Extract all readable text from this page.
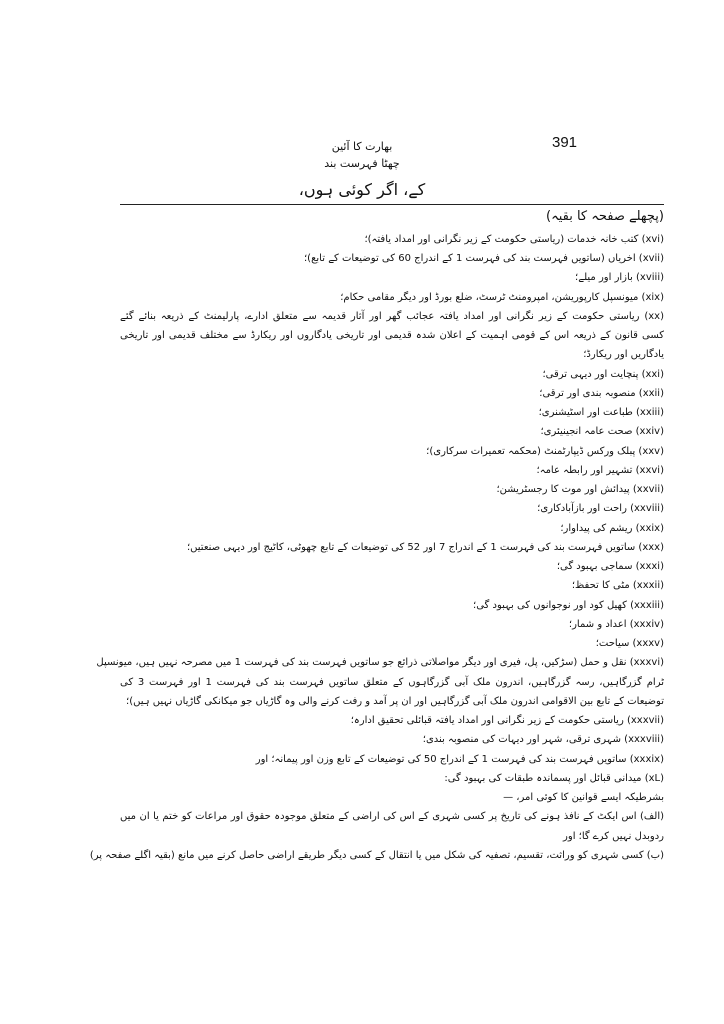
391
بھارت کا آئین
چھٹا فہرست بند
کے، اگر کوئی ہوں،
(پچھلے صفحہ کا بقیہ)
(xvi) کتب خانہ خدمات (ریاستی حکومت کے زیر نگرانی اور امداد یافتہ)؛
(xvii) اخریاں (ساتویں فہرست بند کی فہرست 1 کے اندراج 60 کی توضیعات کے تابع)؛
(xviii) بازار اور میلے؛
(xix) میونسپل کارپوریشن، امپرومنٹ ٹرسٹ، ضلع بورڈ اور دیگر مقامی حکام؛
(xx) ریاستی حکومت کے زیر نگرانی اور امداد یافتہ عجائب گھر اور آثار قدیمہ سے متعلق ادارے، پارلیمنٹ کے ذریعہ بنائے گئے
کسی قانون کے ذریعہ اس کے قومی اہمیت کے اعلان شدہ قدیمی اور تاریخی یادگاروں اور ریکارڈ سے مختلف قدیمی اور تاریخی
یادگاریں اور ریکارڈ؛
(xxi) پنچایت اور دیہی ترقی؛
(xxii) منصوبہ بندی اور ترقی؛
(xxiii) طباعت اور اسٹیشنری؛
(xxiv) صحت عامہ انجینیئری؛
(xxv) پبلک ورکس ڈیپارٹمنٹ (محکمہ تعمیرات سرکاری)؛
(xxvi) تشہیر اور رابطہ عامہ؛
(xxvii) پیدائش اور موت کا رجسٹریشن؛
(xxviii) راحت اور بازآبادکاری؛
(xxix) ریشم کی پیداوار؛
(xxx) ساتویں فہرست بند کی فہرست 1 کے اندراج 7 اور 52 کی توضیعات کے تابع چھوٹی، کاٹیج اور دیہی صنعتیں؛
(xxxi) سماجی بہبود گی؛
(xxxii) مٹی کا تحفظ؛
(xxxiii) کھیل کود اور نوجوانوں کی بہبود گی؛
(xxxiv) اعداد و شمار؛
(xxxv) سیاحت؛
(xxxvi) نقل و حمل (سڑکیں، پل، فیری اور دیگر مواصلاتی ذرائع جو ساتویں فہرست بند کی فہرست 1 میں مصرحہ نہیں ہیں، میونسپل
ٹرام گزرگاہیں، رسہ گزرگاہیں، اندرون ملک آبی گزرگاہوں کے متعلق ساتویں فہرست بند کی فہرست 1 اور فہرست 3 کی
توضیعات کے تابع بین الاقوامی اندرون ملک آبی گزرگاہیں اور ان پر آمد و رفت کرنے والی وہ گاڑیاں جو میکانکی گاڑیاں نہیں ہیں)؛
(xxxvii) ریاستی حکومت کے زیر نگرانی اور امداد یافتہ قبائلی تحقیق ادارہ؛
(xxxviii) شہری ترقی، شہر اور دیہات کی منصوبہ بندی؛
(xxxix) ساتویں فہرست بند کی فہرست 1 کے اندراج 50 کی توضیعات کے تابع وزن اور پیمانہ؛ اور
(xL) میدانی قبائل اور پسماندہ طبقات کی بہبود گی:
بشرطیکہ ایسے قوانین کا کوئی امر، —
(الف) اس ایکٹ کے نافذ ہونے کی تاریخ پر کسی شہری کے اس کی اراضی کے متعلق موجودہ حقوق اور مراعات کو ختم یا ان میں
ردوبدل نہیں کرے گا؛ اور
(ب) کسی شہری کو وراثت، تقسیم، تصفیہ کی شکل میں یا انتقال کے کسی دیگر طریقے اراضی حاصل کرنے میں مانع (بقیہ اگلے صفحہ پر)
